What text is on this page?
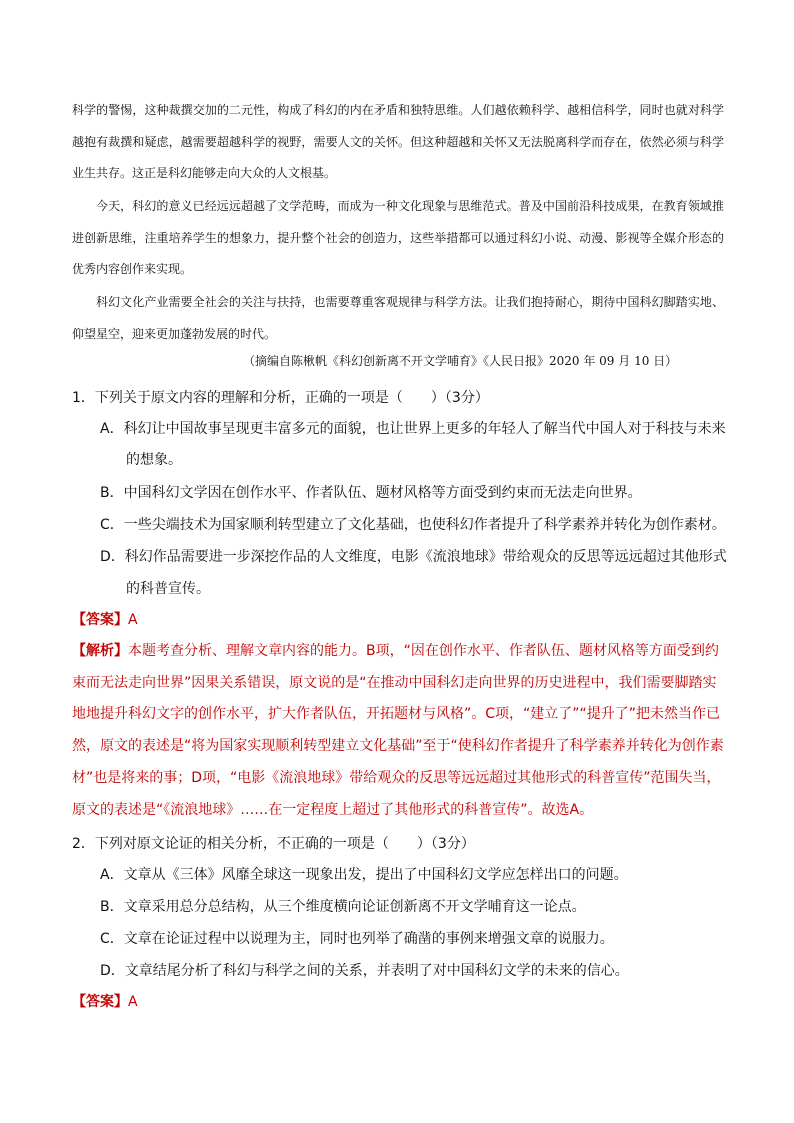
科学的警惕，这种裁撰交加的二元性，构成了科幻的内在矛盾和独特思维。人们越依赖科学、越相信科学，同时也就对科学越抱有裁撰和疑虑，越需要超越科学的视野，需要人文的关怀。但这种超越和关怀又无法脱离科学而存在，依然必须与科学业生共存。这正是科幻能够走向大众的人文根基。
今天，科幻的意义已经远远超越了文学范畴，而成为一种文化现象与思维范式。普及中国前沿科技成果，在教育领域推进创新思维，注重培养学生的想象力，提升整个社会的创造力，这些举措都可以通过科幻小说、动漫、影视等全媒介形态的优秀内容创作来实现。
科幻文化产业需要全社会的关注与扶持，也需要尊重客观规律与科学方法。让我们抱持耐心，期待中国科幻脚踏实地、仰望星空，迎来更加蓬勃发展的时代。
（摘编自陈楸帆《科幻创新离不开文学哺育》《人民日报》2020 年 09 月 10 日）
1．下列关于原文内容的理解和分析，正确的一项是（　　）（3分）
A．科幻让中国故事呈现更丰富多元的面貌，也让世界上更多的年轻人了解当代中国人对于科技与未来
的想象。
B．中国科幻文学因在创作水平、作者队伍、题材风格等方面受到约束而无法走向世界。
C．一些尖端技术为国家顺利转型建立了文化基础，也使科幻作者提升了科学素养并转化为创作素材。
D．科幻作品需要进一步深挖作品的人文维度，电影《流浪地球》带给观众的反思等远远超过其他形式
的科普宣传。
【答案】A
【解析】本题考查分析、理解文章内容的能力。B项，“因在创作水平、作者队伍、题材风格等方面受到约束而无法走向世界”因果关系错误，原文说的是“在推动中国科幻走向世界的历史进程中，我们需要脚踏实地地提升科幻文字的创作水平，扩大作者队伍，开拓题材与风格”。C项，“建立了”“提升了”把未然当作已然，原文的表述是“将为国家实现顺利转型建立文化基础”至于“使科幻作者提升了科学素养并转化为创作素材”也是将来的事；D项，“电影《流浪地球》带给观众的反思等远远超过其他形式的科普宣传”范围失当，原文的表述是“《流浪地球》……在一定程度上超过了其他形式的科普宣传”。故选A。
2．下列对原文论证的相关分析，不正确的一项是（　　）（3分）
A．文章从《三体》风靡全球这一现象出发，提出了中国科幻文学应怎样出口的问题。
B．文章采用总分总结构，从三个维度横向论证创新离不开文学哺育这一论点。
C．文章在论证过程中以说理为主，同时也列举了确凿的事例来增强文章的说服力。
D．文章结尾分析了科幻与科学之间的关系，并表明了对中国科幻文学的未来的信心。
【答案】A
